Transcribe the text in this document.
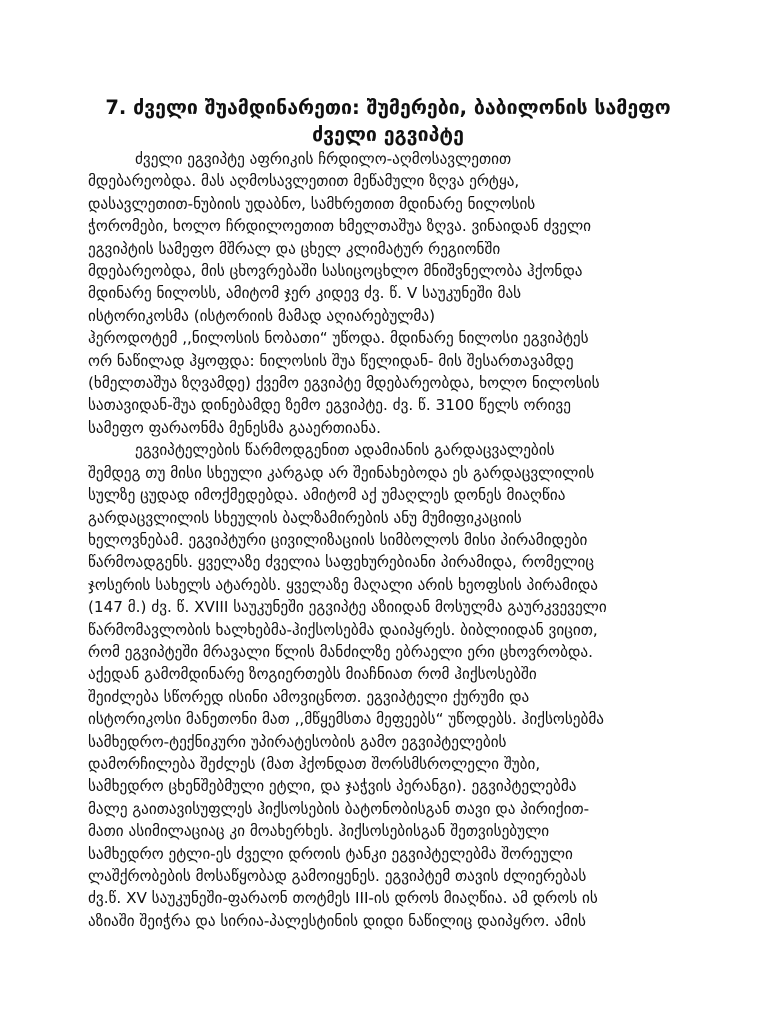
7. ძველი შუამდინარეთი: შუმერები, ბაბილონის სამეფო
ძველი ეგვიპტე
ძველი ეგვიპტე აფრიკის ჩრდილო-აღმოსავლეთით
მდებარეობდა. მას აღმოსავლეთით მეწამული ზღვა ერტყა,
დასავლეთით-ნუბიის უდაბნო, სამხრეთით მდინარე ნილოსის
ჭორომები, ხოლო ჩრდილოეთით ხმელთაშუა ზღვა. ვინაიდან ძველი
ეგვიპტის სამეფო მშრალ და ცხელ კლიმატურ რეგიონში
მდებარეობდა, მის ცხოვრებაში სასიცოცხლო მნიშვნელობა ჰქონდა
მდინარე ნილოსს, ამიტომ ჯერ კიდევ ძვ. წ. V საუკუნეში მას
ისტორიკოსმა (ისტორიის მამად აღიარებულმა)
ჰეროდოტემ ,,ნილოსის ნობათი“ უწოდა. მდინარე ნილოსი ეგვიპტეს
ორ ნაწილად ჰყოფდა: ნილოსის შუა წელიდან- მის შესართავამდე
(ხმელთაშუა ზღვამდე) ქვემო ეგვიპტე მდებარეობდა, ხოლო ნილოსის
სათავიდან-შუა დინებამდე ზემო ეგვიპტე. ძვ. წ. 3100 წელს ორივე
სამეფო ფარაონმა მენესმა გააერთიანა.
ეგვიპტელების წარმოდგენით ადამიანის გარდაცვალების
შემდეგ თუ მისი სხეული კარგად არ შეინახებოდა ეს გარდაცვლილის
სულზე ცუდად იმოქმედებდა. ამიტომ აქ უმაღლეს დონეს მიაღწია
გარდაცვლილის სხეულის ბალზამირების ანუ მუმიფიკაციის
ხელოვნებამ. ეგვიპტური ცივილიზაციის სიმბოლოს მისი პირამიდები
წარმოადგენს. ყველაზე ძველია საფეხურებიანი პირამიდა, რომელიც
ჯოსერის სახელს ატარებს. ყველაზე მაღალი არის ხეოფსის პირამიდა
(147 მ.) ძვ. წ. XVIII საუკუნეში ეგვიპტე აზიიდან მოსულმა გაურკვეველი
წარმომავლობის ხალხებმა-ჰიქსოსებმა დაიპყრეს. ბიბლიიდან ვიცით,
რომ ეგვიპტეში მრავალი წლის მანძილზე ებრაელი ერი ცხოვრობდა.
აქედან გამომდინარე ზოგიერთებს მიაჩნიათ რომ ჰიქსოსებში
შეიძლება სწორედ ისინი ამოვიცნოთ. ეგვიპტელი ქურუმი და
ისტორიკოსი მანეთონი მათ ,,მწყემსთა მეფეებს“ უწოდებს. ჰიქსოსებმა
სამხედრო-ტექნიკური უპირატესობის გამო ეგვიპტელების
დამორჩილება შეძლეს (მათ ჰქონდათ შორსმსროლელი შუბი,
სამხედრო ცხენშებმული ეტლი, და ჯაჭვის პერანგი). ეგვიპტელებმა
მალე გაითავისუფლეს ჰიქსოსების ბატონობისგან თავი და პირიქით-
მათი ასიმილაციაც კი მოახერხეს. ჰიქსოსებისგან შეთვისებული
სამხედრო ეტლი-ეს ძველი დროის ტანკი ეგვიპტელებმა შორეული
ლაშქრობების მოსაწყობად გამოიყენეს. ეგვიპტემ თავის ძლიერებას
ძვ.წ. XV საუკუნეში-ფარაონ თოტმეს III-ის დროს მიაღწია. ამ დროს ის
აზიაში შეიჭრა და სირია-პალესტინის დიდი ნაწილიც დაიპყრო. ამის
